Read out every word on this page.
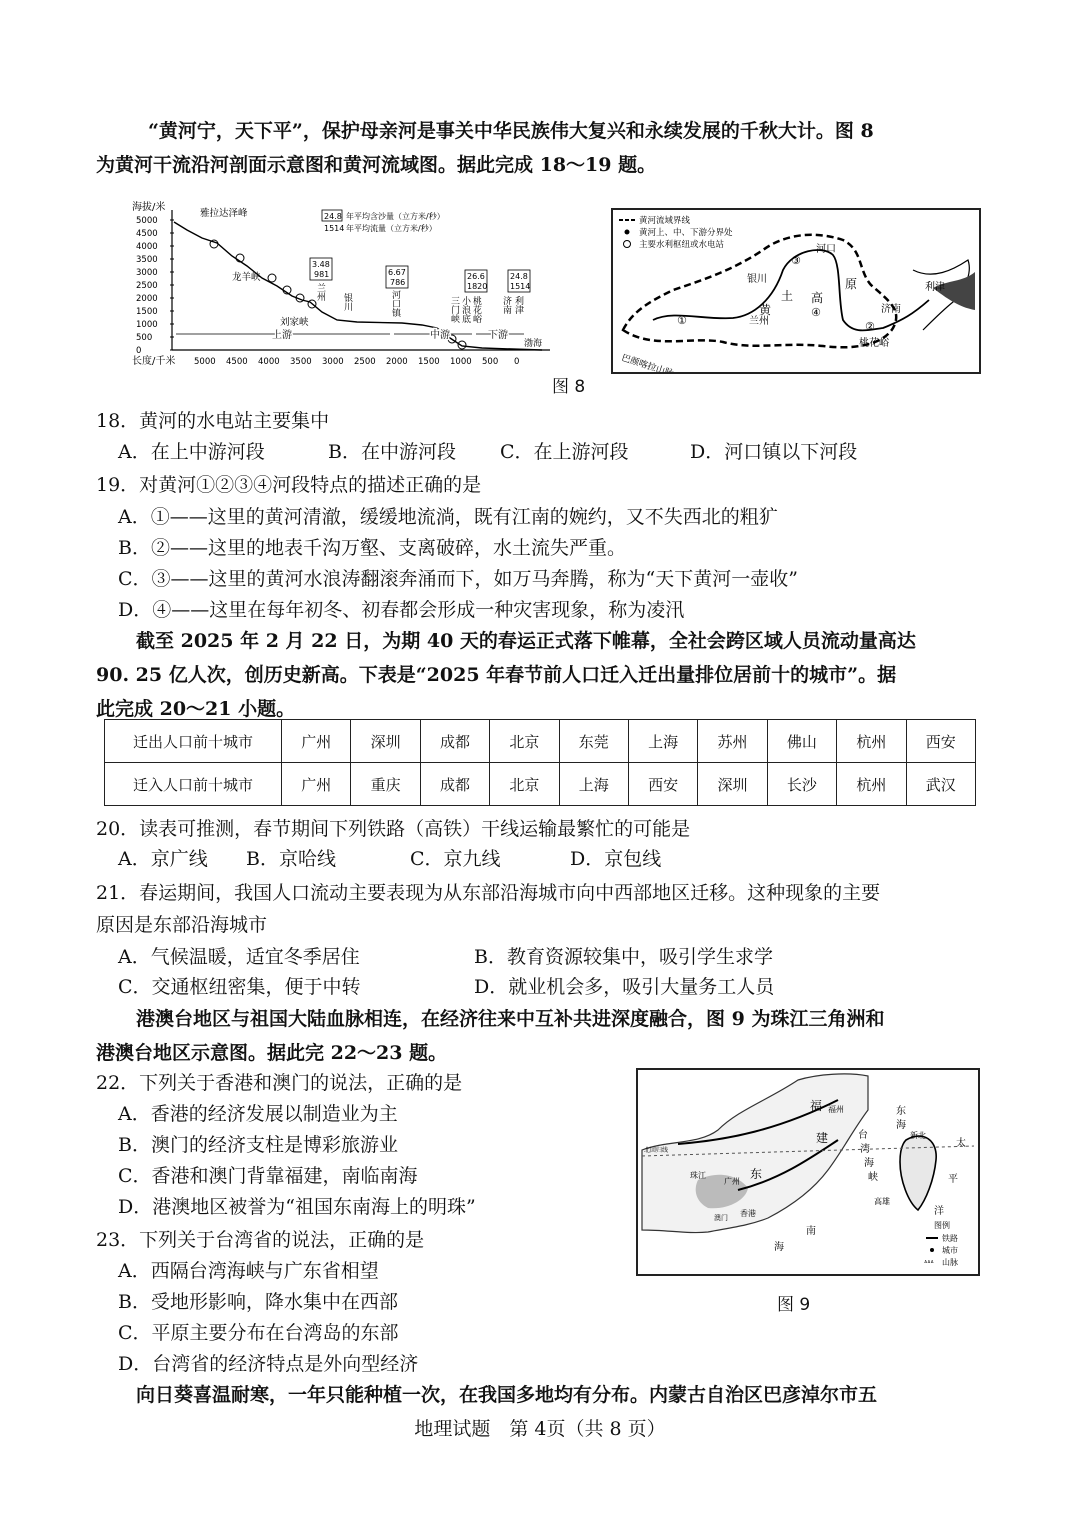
“黄河宁，天下平”，保护母亲河是事关中华民族伟大复兴和永续发展的千秋大计。图 8
为黄河干流沿河剖面示意图和黄河流域图。据此完成 18～19 题。
海拔/米
长度/千米
5000
4500
4000
3500
3000
2500
2000
1500
1000
500
0
5000 4500 4000 3500 3000 2500 2000 1500 1000 500 0
雅拉达泽峰
龙羊峡
刘家峡
兰州
银川	河口镇	三门峡 小浪底 桃花峪 济南 利津
渤海
24.8
1514
年平均含沙量（立方米/秒）
年平均流量（立方米/秒）
3.48
981	6.67
786
26.6
1820
24.8
1514
上游	中游	下游
黄河流域界线
黄河上、中、下游分界处
主要水利枢纽或水电站	河口
银川
黄
土 高
原
兰州
济南
利津
桃花峪
巴颜喀拉山脉
①	②
③
④
图 8
18．黄河的水电站主要集中
A．在上中游河段	B．在中游河段 C．在上游河段	D．河口镇以下河段
19．对黄河①②③④河段特点的描述正确的是
A．①——这里的黄河清澈，缓缓地流淌，既有江南的婉约，又不失西北的粗犷
B．②——这里的地表千沟万壑、支离破碎，水土流失严重。
C．③——这里的黄河水浪涛翻滚奔涌而下，如万马奔腾，称为“天下黄河一壶收”
D．④——这里在每年初冬、初春都会形成一种灾害现象，称为凌汛
截至 2025 年 2 月 22 日，为期 40 天的春运正式落下帷幕，全社会跨区域人员流动量高达
90. 25 亿人次，创历史新高。下表是“2025 年春节前人口迁入迁出量排位居前十的城市”。据
此完成 20～21 小题。
迁出人口前十城市	广州	深圳	成都	北京	东莞	上海	苏州	佛山	杭州	西安
迁入人口前十城市	广州	重庆	成都	北京	上海	西安	深圳	长沙	杭州	武汉
20．读表可推测，春节期间下列铁路（高铁）干线运输最繁忙的可能是
A．京广线 B．京哈线	C．京九线	D．京包线
21．春运期间，我国人口流动主要表现为从东部沿海城市向中西部地区迁移。这种现象的主要
原因是东部沿海城市
A．气候温暖，适宜冬季居住	B．教育资源较集中，吸引学生求学
C．交通枢纽密集，便于中转	D．就业机会多，吸引大量务工人员
港澳台地区与祖国大陆血脉相连，在经济往来中互补共进深度融合，图 9 为珠江三角洲和
港澳台地区示意图。据此完 22～23 题。
22．下列关于香港和澳门的说法，正确的是
A．香港的经济发展以制造业为主
B．澳门的经济支柱是博彩旅游业
C．香港和澳门背靠福建，南临南海
D．港澳地区被誉为“祖国东南海上的明珠”
23．下列关于台湾省的说法，正确的是
A．西隔台湾海峡与广东省相望
B．受地形影响，降水集中在西部
C．平原主要分布在台湾岛的东部
D．台湾省的经济特点是外向型经济
北回归线
福
建
东
福州	东
海
新北
台
湾
海
峡
太
平
洋
高雄
南
海
珠江
广州
香港
澳门
图例
铁路
城市
ᐞᐞᐞ 山脉
图 9
向日葵喜温耐寒，一年只能种植一次，在我国多地均有分布。内蒙古自治区巴彦淖尔市五
地理试题　第 4页（共 8 页）
